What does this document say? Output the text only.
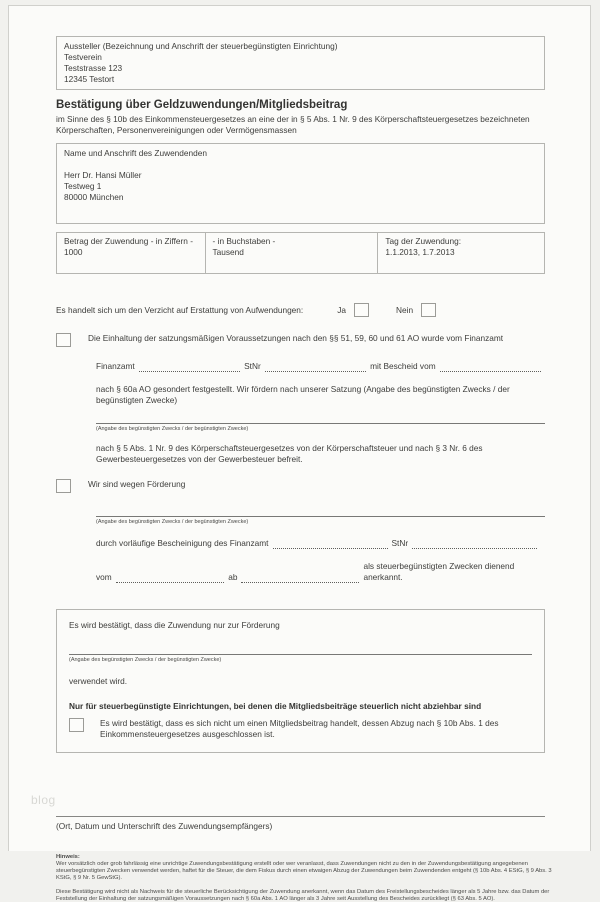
Aussteller (Bezeichnung und Anschrift der steuerbegünstigten Einrichtung)
Testverein
Teststrasse 123
12345 Testort
Bestätigung über Geldzuwendungen/Mitgliedsbeitrag
im Sinne des § 10b des Einkommensteuergesetzes an eine der in § 5 Abs. 1 Nr. 9 des Körperschaftsteuergesetzes bezeichneten Körperschaften, Personenvereinigungen oder Vermögensmassen
Name und Anschrift des Zuwendenden
Herr Dr. Hansi Müller
Testweg 1
80000 München
Betrag der Zuwendung - in Ziffern -
1000
- in Buchstaben -
Tausend
Tag der Zuwendung:
1.1.2013, 1.7.2013
Es handelt sich um den Verzicht auf Erstattung von Aufwendungen:	Ja	Nein
Die Einhaltung der satzungsmäßigen Voraussetzungen nach den §§ 51, 59, 60 und 61 AO wurde vom Finanzamt
Finanzamt	StNr	mit Bescheid vom
nach § 60a AO gesondert festgestellt. Wir fördern nach unserer Satzung (Angabe des begünstigten Zwecks / der begünstigten Zwecke)
(Angabe des begünstigten Zwecks / der begünstigten Zwecke)
nach § 5 Abs. 1 Nr. 9 des Körperschaftsteuergesetzes von der Körperschaftsteuer und nach § 3 Nr. 6 des Gewerbesteuergesetzes von der Gewerbesteuer befreit.
Wir sind wegen Förderung
(Angabe des begünstigten Zwecks / der begünstigten Zwecke)
durch vorläufige Bescheinigung des Finanzamt	StNr
vom	ab
als steuerbegünstigten Zwecken dienend anerkannt.
Es wird bestätigt, dass die Zuwendung nur zur Förderung
(Angabe des begünstigten Zwecks / der begünstigten Zwecke)
verwendet wird.
Nur für steuerbegünstigte Einrichtungen, bei denen die Mitgliedsbeiträge steuerlich nicht abziehbar sind
Es wird bestätigt, dass es sich nicht um einen Mitgliedsbeitrag handelt, dessen Abzug nach § 10b Abs. 1 des Einkommensteuergesetzes ausgeschlossen ist.
(Ort, Datum und Unterschrift des Zuwendungsempfängers)
Hinweis:
Wer vorsätzlich oder grob fahrlässig eine unrichtige Zuwendungsbestätigung erstellt oder wer veranlasst, dass Zuwendungen nicht zu den in der Zuwendungsbestätigung angegebenen steuerbegünstigten Zwecken verwendet werden, haftet für die Steuer, die dem Fiskus durch einen etwaigen Abzug der Zuwendungen beim Zuwendenden entgeht (§ 10b Abs. 4 EStG, § 9 Abs. 3 KStG, § 9 Nr. 5 GewStG).
Diese Bestätigung wird nicht als Nachweis für die steuerliche Berücksichtigung der Zuwendung anerkannt, wenn das Datum des Freistellungsbescheides länger als 5 Jahre bzw. das Datum der Feststellung der Einhaltung der satzungsmäßigen Voraussetzungen nach § 60a Abs. 1 AO länger als 3 Jahre seit Ausstellung des Bescheides zurückliegt (§ 63 Abs. 5 AO).
blog
